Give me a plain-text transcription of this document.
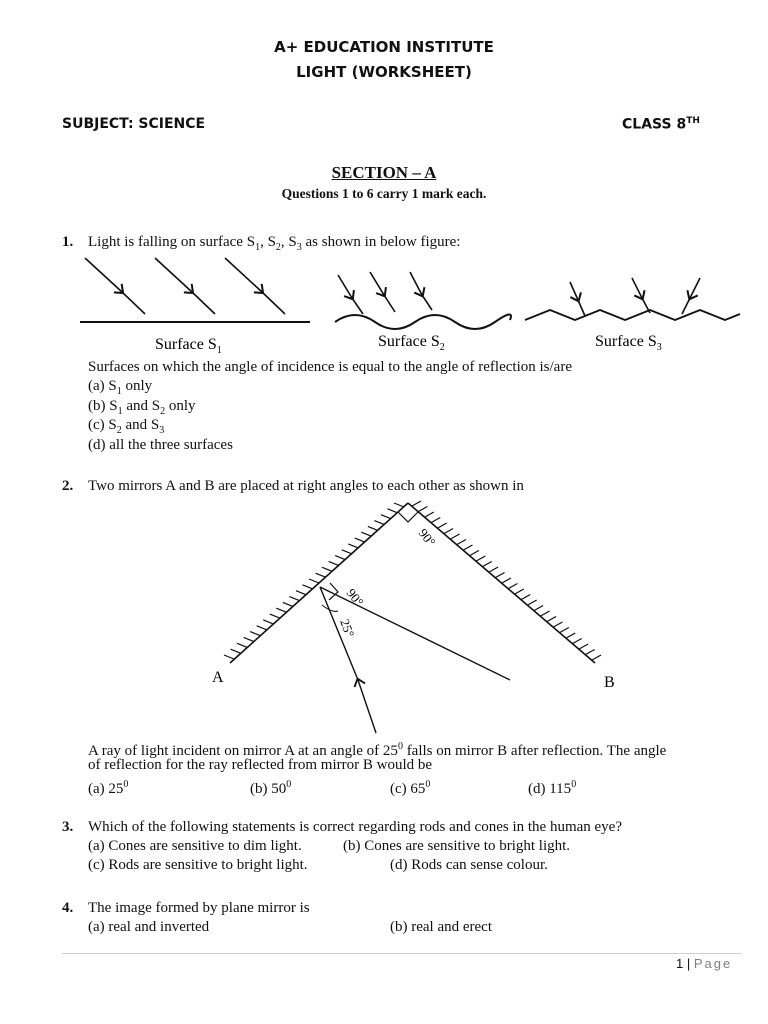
A+ EDUCATION INSTITUTE
LIGHT (WORKSHEET)
SUBJECT: SCIENCE	CLASS 8TH
SECTION – A
Questions 1 to 6 carry 1 mark each.
1. Light is falling on surface $S_1$, $S_2$, $S_3$ as shown in below figure:
Surface $S_1$
Surface $S_2$	Surface $S_3$
Surfaces on which the angle of incidence is equal to the angle of reflection is/are
(a) $S_1$ only
(b) $S_1$ and $S_2$ only
(c) $S_2$ and $S_3$
(d) all the three surfaces
2. Two mirrors A and B are placed at right angles to each other as shown in
90°
90°
25°
A	B
A ray of light incident on mirror A at an angle of $25^0$ falls on mirror B after reflection. The angle
of reflection for the ray reflected from mirror B would be
(a) $25^0$	(b) $50^0$	(c) $65^0$	(d) $115^0$
3. Which of the following statements is correct regarding rods and cones in the human eye?
(a) Cones are sensitive to dim light.	(b) Cones are sensitive to bright light.
(c) Rods are sensitive to bright light.	(d) Rods can sense colour.
4. The image formed by plane mirror is
(a) real and inverted	(b) real and erect
1 | Page
